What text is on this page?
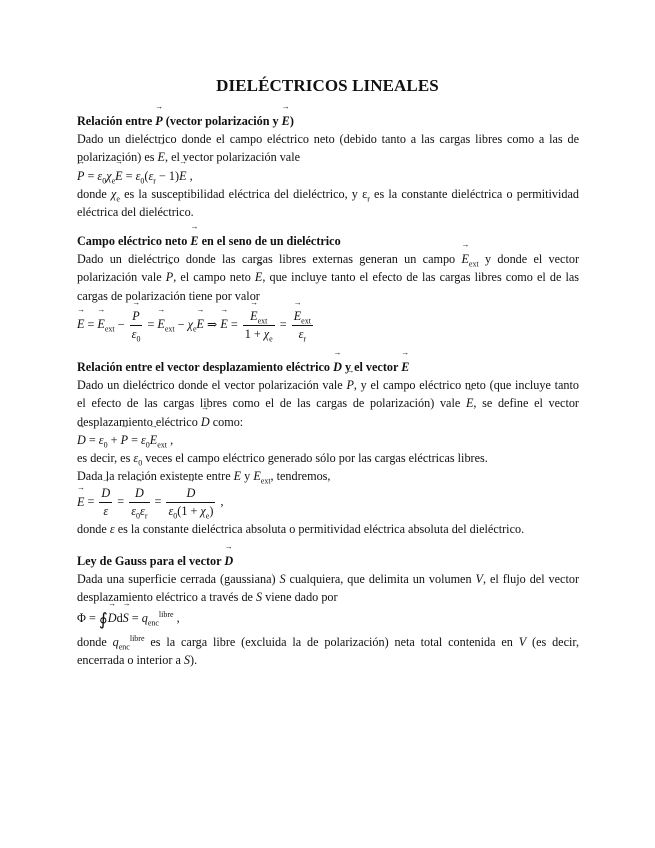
DIELÉCTRICOS LINEALES
Relación entre → P (vector polarización y → E)

Dado un dieléctrico donde el campo eléctrico neto (debido tanto a las cargas libres como a las de polarización) es → E, el vector polarización vale

→ $P = \varepsilon_0\chi_e\to E = \varepsilon_0(\varepsilon_r - 1)\to E$ ,

donde $\chi_e$ es la susceptibilidad eléctrica del dieléctrico, y $\varepsilon_r$ es la constante dieléctrica o permitividad eléctrica del dieléctrico.

Campo eléctrico neto → E en el seno de un dieléctrico

Dado un dieléctrico donde las cargas libres externas generan un campo → $E_{ext}$ y donde el vector polarización vale → P, el campo neto → E, que incluye tanto el efecto de las cargas libres como el de las cargas de polarización tiene por valor

→ E = → $E_{ext}$ − → $\frac{P}{\varepsilon_0}$ = → $E_{ext} - \chi_e\to E$ ⇒ → E = → $\frac{E_{ext}}{1 + \chi_e}$ = → $\frac{E_{ext}}{\varepsilon_r}$
Relación entre el vector desplazamiento eléctrico → D y el vector → E

Dado un dieléctrico donde el vector polarización vale → P, y el campo eléctrico neto (que incluye tanto el efecto de las cargas libres como el de las cargas de polarización) vale → E, se define el vector desplazamiento eléctrico → D como:

→ $D = \varepsilon_0$ + → $P = \varepsilon_0\to E_{ext}$ ,

es decir, es $\varepsilon_0$ veces el campo eléctrico generado sólo por las cargas eléctricas libres.

Dada la relación existente entre E y $E_{ext}$, tendremos,

→ E = → $\frac{D}{\varepsilon}$ = → $\frac{D}{\varepsilon_0\varepsilon_r}$ = → $\frac{D}{\varepsilon_0(1 + \chi_e)}$ ,

donde ε es la constante dieléctrica absoluta o permitividad eléctrica absoluta del dieléctrico.

Ley de Gauss para el vector → D

Dada una superficie cerrada (gaussiana) S cualquiera, que delimita un volumen V, el flujo del vector desplazamiento eléctrico a través de S viene dado por

Φ = ∮→ $Dd\to S = q_{enc}^{libre}$ ,

donde $q_{enc}^{libre}$ es la carga libre (excluida la de polarización) neta total contenida en V (es decir, encerrada o interior a S).
